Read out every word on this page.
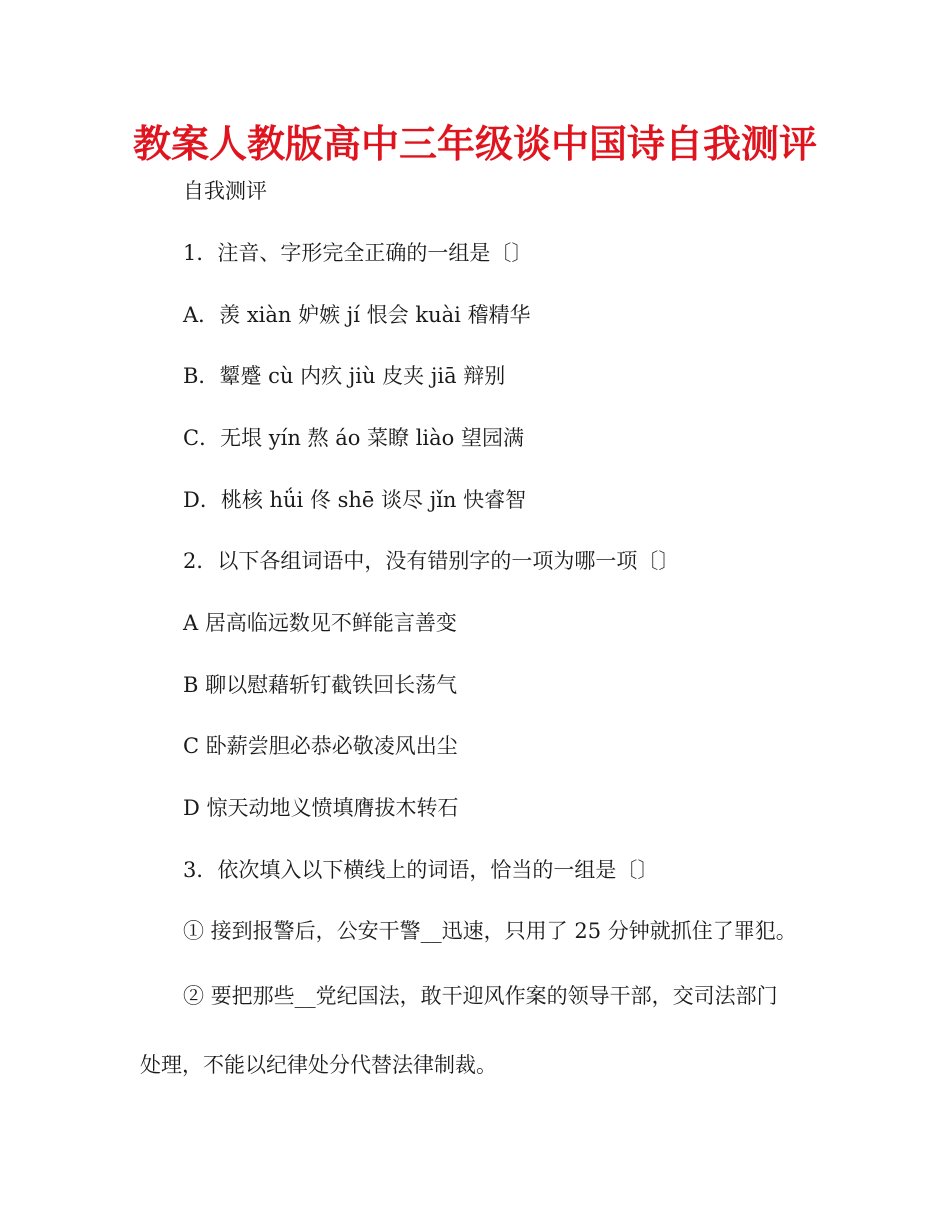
教案人教版高中三年级谈中国诗自我测评
自我测评
1．注音、字形完全正确的一组是〔〕
A．羡 xiàn 妒嫉 jí 恨会 kuài 稽精华
B．颦蹙 cù 内疚 jiù 皮夹 jiā 辩别
C．无垠 yín 熬 áo 菜瞭 liào 望园满
D．桃核 hǘi 佟 shē 谈尽 jǐn 快睿智
2．以下各组词语中，没有错别字的一项为哪一项〔〕
A 居高临远数见不鲜能言善变
B 聊以慰藉斩钉截铁回长荡气
C 卧薪尝胆必恭必敬凌风出尘
D 惊天动地义愤填膺拔木转石
3．依次填入以下横线上的词语，恰当的一组是〔〕
① 接到报警后，公安干警__迅速，只用了 25 分钟就抓住了罪犯。
② 要把那些__党纪国法，敢干迎风作案的领导干部，交司法部门
处理，不能以纪律处分代替法律制裁。
